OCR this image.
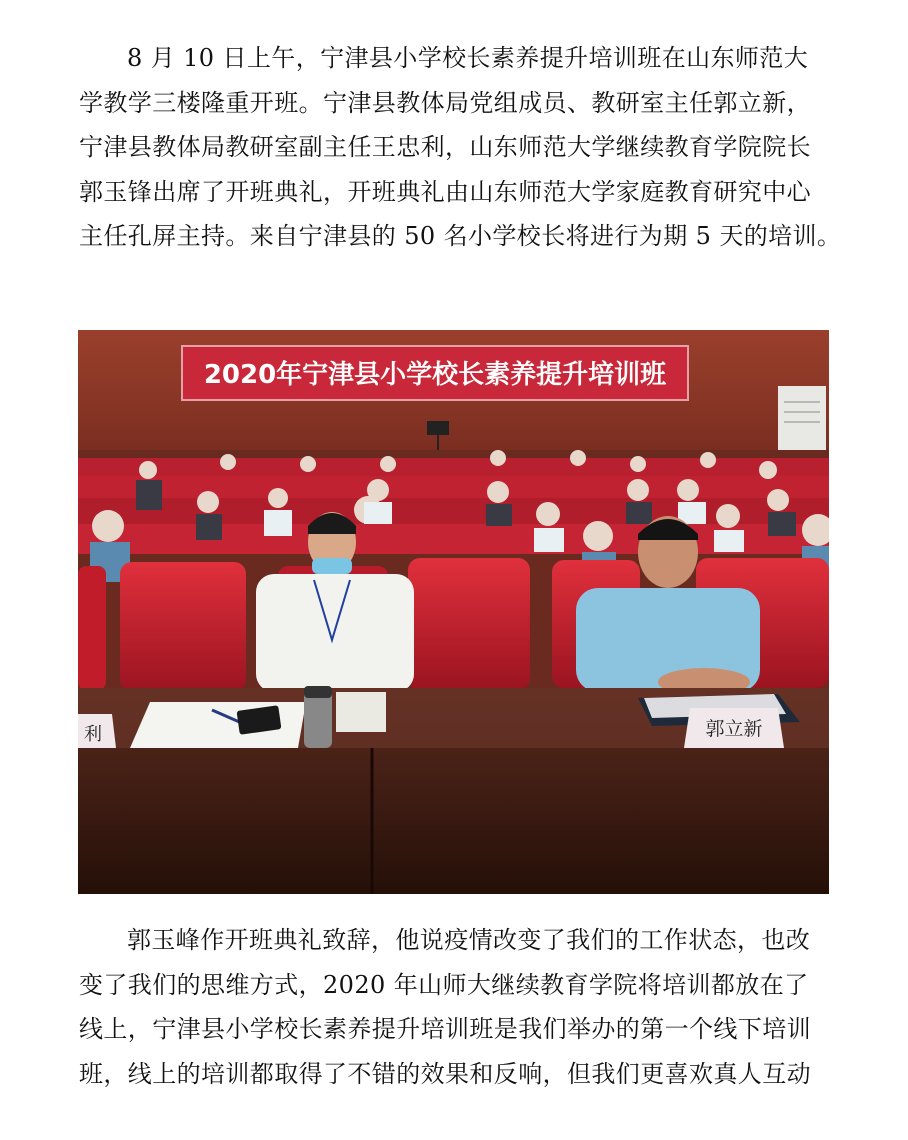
8 月 10 日上午，宁津县小学校长素养提升培训班在山东师范大
学教学三楼隆重开班。宁津县教体局党组成员、教研室主任郭立新，
宁津县教体局教研室副主任王忠利，山东师范大学继续教育学院院长
郭玉锋出席了开班典礼，开班典礼由山东师范大学家庭教育研究中心
主任孔屏主持。来自宁津县的 50 名小学校长将进行为期 5 天的培训。
2020年宁津县小学校长素养提升培训班
利	郭立新
郭玉峰作开班典礼致辞，他说疫情改变了我们的工作状态，也改
变了我们的思维方式，2020 年山师大继续教育学院将培训都放在了
线上，宁津县小学校长素养提升培训班是我们举办的第一个线下培训
班，线上的培训都取得了不错的效果和反响，但我们更喜欢真人互动
